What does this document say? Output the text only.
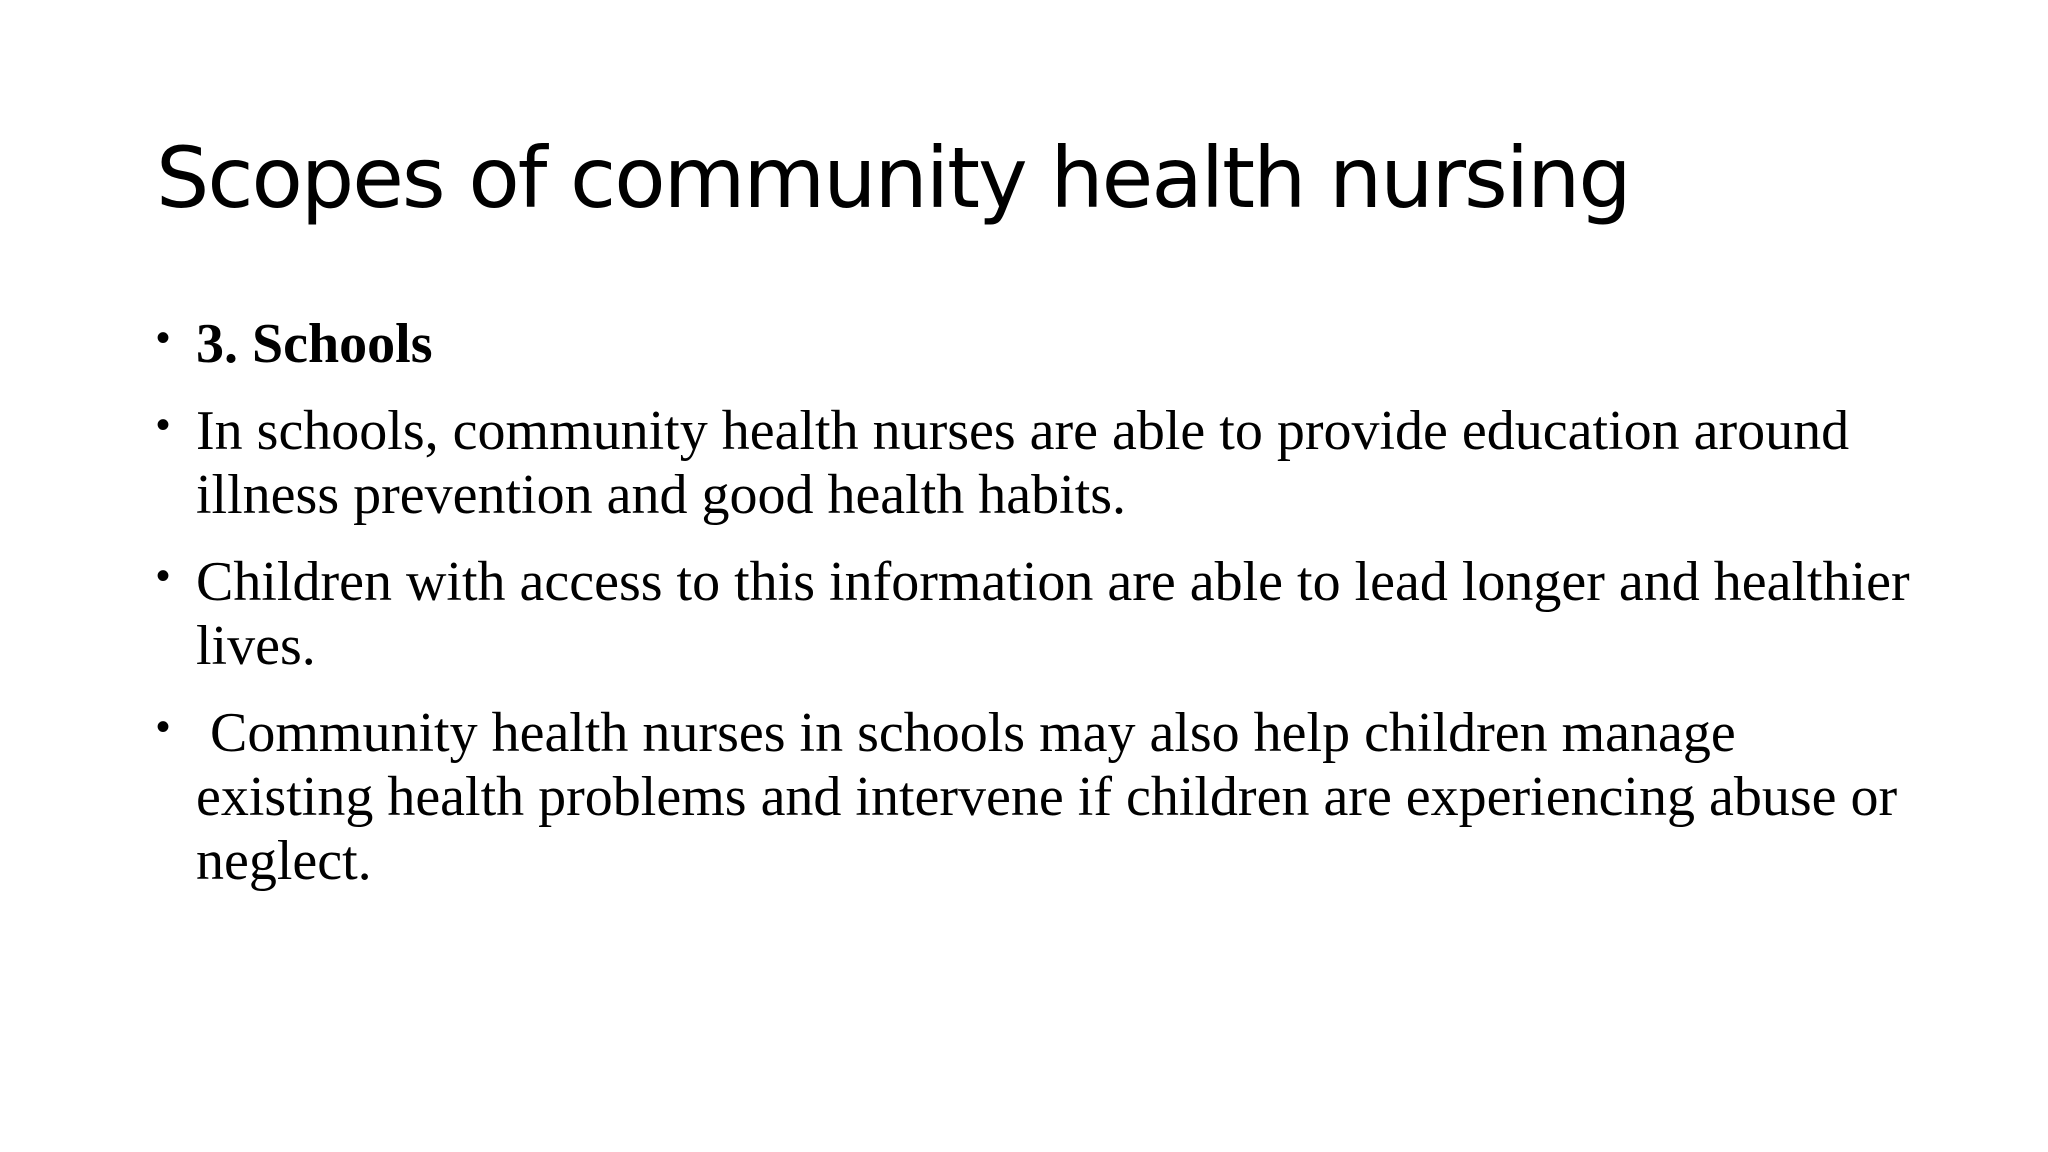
Scopes of community health nursing
• 3. Schools
• In schools, community health nurses are able to provide education around illness prevention and good health habits.
• Children with access to this information are able to lead longer and healthier lives.
• Community health nurses in schools may also help children manage existing health problems and intervene if children are experiencing abuse or neglect.
